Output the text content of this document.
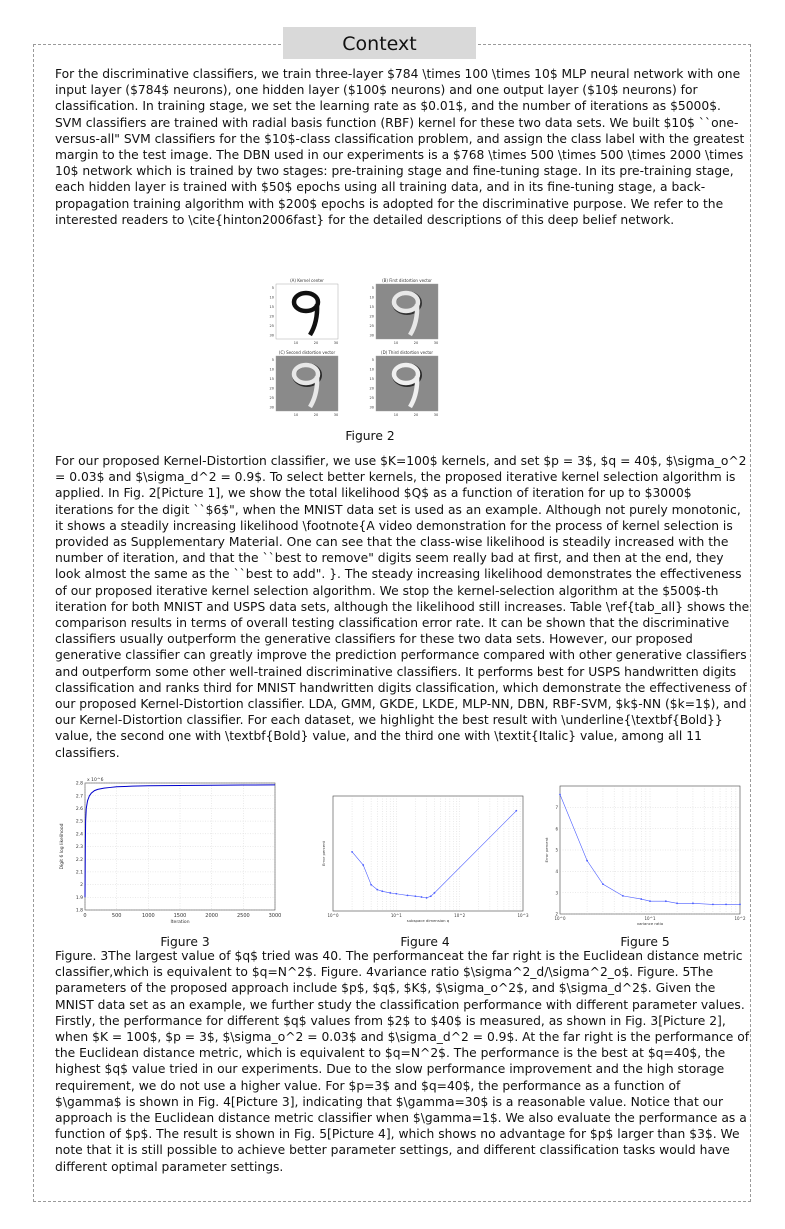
Context

For the discriminative classifiers, we train three-layer $784 \times 100 \times 10$ MLP neural network with one input layer ($784$ neurons), one hidden layer ($100$ neurons) and one output layer ($10$ neurons) for classification. In training stage, we set the learning rate as $0.01$, and the number of iterations as $5000$. SVM classifiers are trained with radial basis function (RBF) kernel for these two data sets. We built $10$ ``one-versus-all" SVM classifiers for the $10$-class classification problem, and assign the class label with the greatest margin to the test image. The DBN used in our experiments is a $768 \times 500 \times 500 \times 2000 \times 10$ network which is trained by two stages: pre-training stage and fine-tuning stage. In its pre-training stage, each hidden layer is trained with $50$ epochs using all training data, and in its fine-tuning stage, a back-propagation training algorithm with $200$ epochs is adopted for the discriminative purpose. We refer to the interested readers to \cite{hinton2006fast} for the detailed descriptions of this deep belief network.

(A) Kernel center
5
10
15
20
25
30
10	20	30
(B) First distortion vector
5
10
15
20
25
30
10	20	30
(C) Second distortion vector
5
10
15
20
25
30
10	20	30
(D) Third distortion vector
5
10
15
20
25
30
10	20	30
Figure 2

For our proposed Kernel-Distortion classifier, we use $K=100$ kernels, and set $p = 3$, $q = 40$, $\sigma_o^2 = 0.03$ and $\sigma_d^2 = 0.9$. To select better kernels, the proposed iterative kernel selection algorithm is applied. In Fig. 2[Picture 1], we show the total likelihood $Q$ as a function of iteration for up to $3000$ iterations for the digit ``$6$", when the MNIST data set is used as an example. Although not purely monotonic, it shows a steadily increasing likelihood \footnote{A video demonstration for the process of kernel selection is provided as Supplementary Material. One can see that the class-wise likelihood is steadily increased with the number of iteration, and that the ``best to remove" digits seem really bad at first, and then at the end, they look almost the same as the ``best to add". }. The steady increasing likelihood demonstrates the effectiveness of our proposed iterative kernel selection algorithm. We stop the kernel-selection algorithm at the $500$-th iteration for both MNIST and USPS data sets, although the likelihood still increases. Table \ref{tab_all} shows the comparison results in terms of overall testing classification error rate. It can be shown that the discriminative classifiers usually outperform the generative classifiers for these two data sets. However, our proposed generative classifier can greatly improve the prediction performance compared with other generative classifiers and outperform some other well-trained discriminative classifiers. It performs best for USPS handwritten digits classification and ranks third for MNIST handwritten digits classification, which demonstrate the effectiveness of our proposed Kernel-Distortion classifier. LDA, GMM, GKDE, LKDE, MLP-NN, DBN, RBF-SVM, $k$-NN ($k=1$), and our Kernel-Distortion classifier. For each dataset, we highlight the best result with \underline{\textbf{Bold}} value, the second one with \textbf{Bold} value, and the third one with \textit{Italic} value, among all 11 classifiers.

0	500	1000	1500	2000	2500	3000
1.8
1.9
2
2.1
2.2
2.3
2.4
2.5
2.6
2.7
2.8
Iteration
Digit 6 log likelihood
x 10^6
10^0	10^1	10^2	10^3
subspace dimension q
Error percent
10^0	10^1	10^2
2
3
4
5
6
7
variance ratio
Error percent
Figure 3	Figure 4	Figure 5

Figure. 3The largest value of $q$ tried was 40. The performanceat the far right is the Euclidean distance metric classifier,which is equivalent to $q=N^2$. Figure. 4variance ratio $\sigma^2_d/\sigma^2_o$. Figure. 5The parameters of the proposed approach include $p$, $q$, $K$, $\sigma_o^2$, and $\sigma_d^2$. Given the MNIST data set as an example, we further study the classification performance with different parameter values. Firstly, the performance for different $q$ values from $2$ to $40$ is measured, as shown in Fig. 3[Picture 2], when $K = 100$, $p = 3$, $\sigma_o^2 = 0.03$ and $\sigma_d^2 = 0.9$. At the far right is the performance of the Euclidean distance metric, which is equivalent to $q=N^2$. The performance is the best at $q=40$, the highest $q$ value tried in our experiments. Due to the slow performance improvement and the high storage requirement, we do not use a higher value. For $p=3$ and $q=40$, the performance as a function of $\gamma$ is shown in Fig. 4[Picture 3], indicating that $\gamma=30$ is a reasonable value. Notice that our approach is the Euclidean distance metric classifier when $\gamma=1$. We also evaluate the performance as a function of $p$. The result is shown in Fig. 5[Picture 4], which shows no advantage for $p$ larger than $3$. We note that it is still possible to achieve better parameter settings, and different classification tasks would have different optimal parameter settings.
